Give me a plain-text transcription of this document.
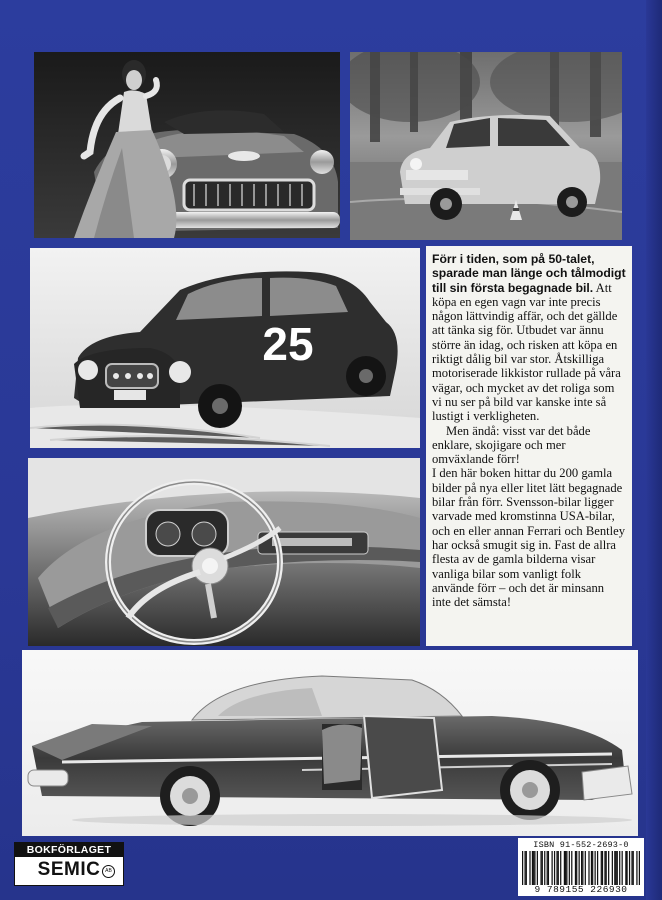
25

Förr i tiden, som på 50-talet, sparade man länge och tålmodigt till sin första begagnade bil. Att köpa en egen vagn var inte precis någon lättvindig affär, och det gällde att tänka sig för. Utbudet var ännu större än idag, och risken att köpa en riktigt dålig bil var stor. Åtskilliga motoriserade likkistor rullade på våra vägar, och mycket av det roliga som vi nu ser på bild var kanske inte så lustigt i verkligheten.

Men ändå: visst var det både enklare, skojigare och mer omväxlande förr!

I den här boken hittar du 200 gamla bilder på nya eller litet lätt begagnade bilar från förr. Svensson-bilar ligger varvade med kromstinna USA-bilar, och en eller annan Ferrari och Bentley har också smugit sig in. Fast de allra flesta av de gamla bilderna visar vanliga bilar som vanligt folk använde förr – och det är minsann inte det sämsta!

BOKFÖRLAGET
SEMIC AB
ISBN 91-552-2693-0
9 789155 226930
